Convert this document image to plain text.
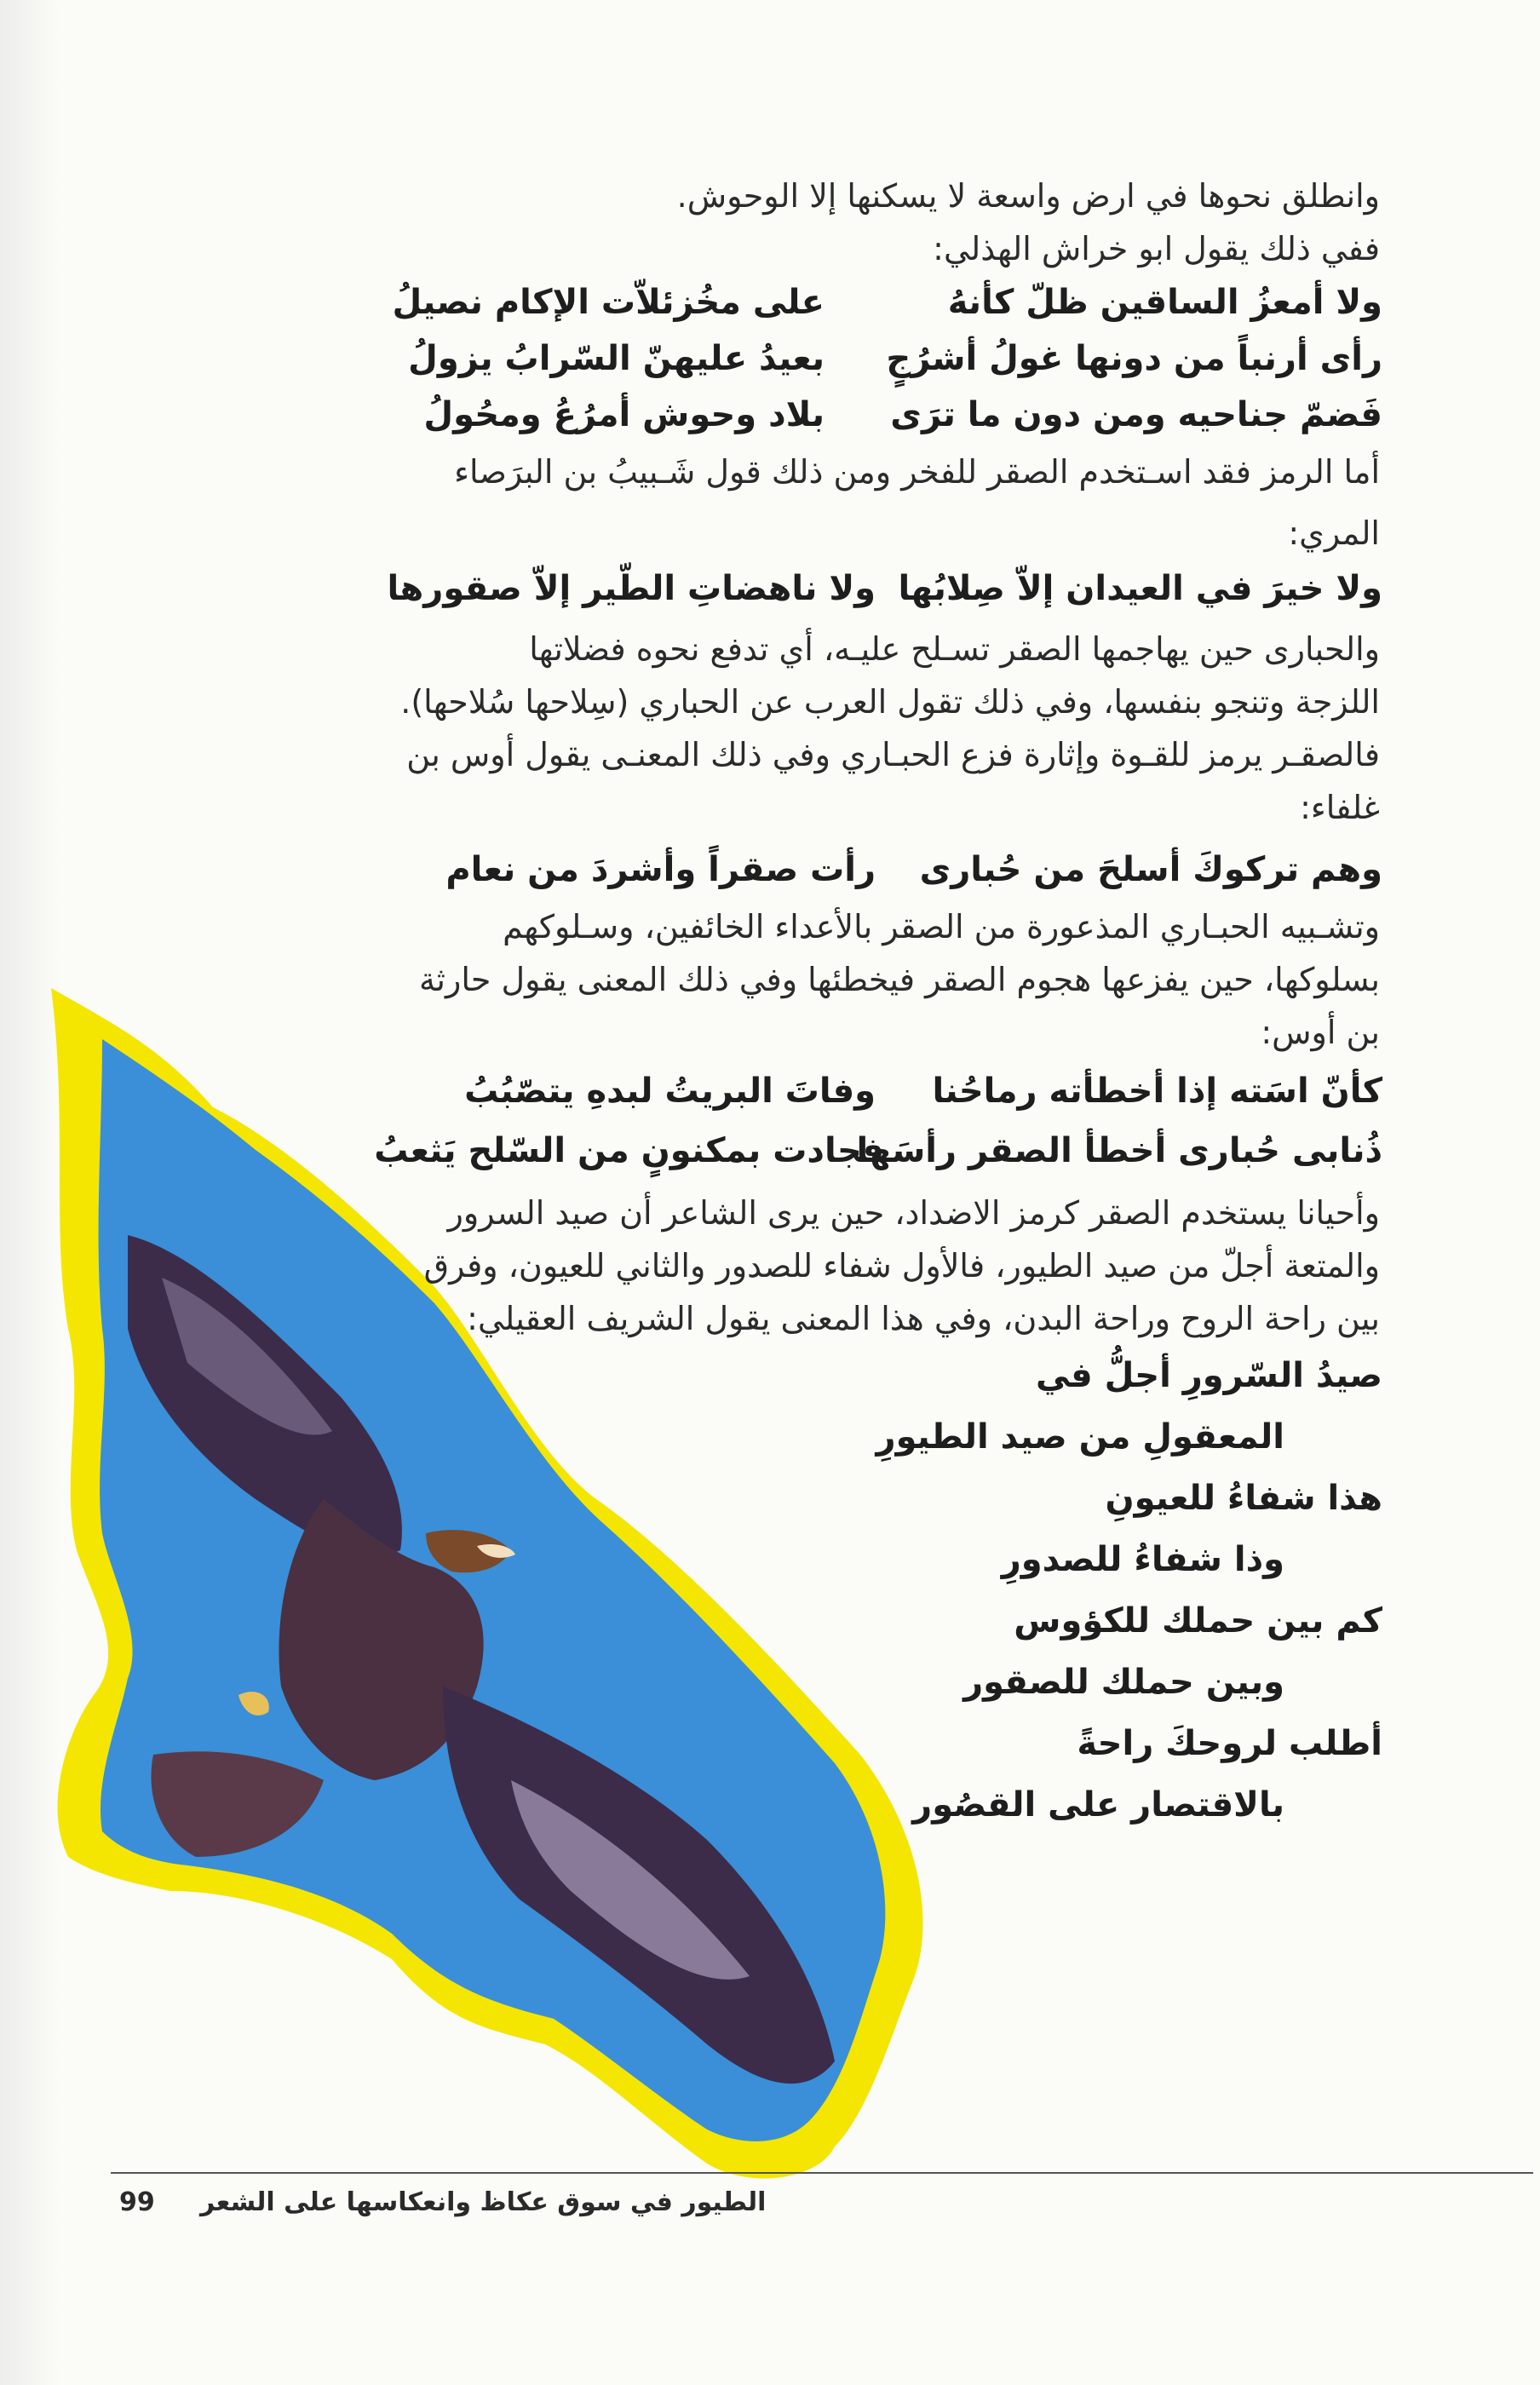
وانطلق نحوها في ارض واسعة لا يسكنها إلا الوحوش.
ففي ذلك يقول ابو خراش الهذلي:
أما الرمز فقد اسـتخدم الصقر للفخر ومن ذلك قول شَـبيبُ بن البرَصاء
المري:
والحبارى حين يهاجمها الصقر تسـلح عليـه، أي تدفع نحوه فضلاتها
اللزجة وتنجو بنفسها، وفي ذلك تقول العرب عن الحباري (سِلاحها سُلاحها).
فالصقـر يرمز للقـوة وإثارة فزع الحبـاري وفي ذلك المعنـى يقول أوس بن
غلفاء:
وتشـبيه الحبـاري المذعورة من الصقر بالأعداء الخائفين، وسـلوكهم
بسلوكها، حين يفزعها هجوم الصقر فيخطئها وفي ذلك المعنى يقول حارثة
بن أوس:
وأحيانا يستخدم الصقر كرمز الاضداد، حين يرى الشاعر أن صيد السرور
والمتعة أجلّ من صيد الطيور، فالأول شفاء للصدور والثاني للعيون، وفرق
بين راحة الروح وراحة البدن، وفي هذا المعنى يقول الشريف العقيلي:
ولا أمعزُ الساقين ظلّ كأنهُ
على مخُزئلاّت الإكام نصيلُ
رأى أرنباً من دونها غولُ أشرُجٍ
بعيدُ عليهنّ السّرابُ يزولُ
فَضمّ جناحيه ومن دون ما ترَى
بلاد وحوش أمرُعُ ومحُولُ
ولا خيرَ في العيدان إلاّ صِلابُها
ولا ناهضاتِ الطّير إلاّ صقورها
وهم تركوكَ أسلحَ من حُبارى
رأت صقراً وأشردَ من نعام
كأنّ اسَته إذا أخطأته رماحُنا
وفاتَ البريتُ لبدهِ يتصّبُبُ
ذُنابى حُبارى أخطأ الصقر رأسَها
فجادت بمكنونٍ من السّلح يَثعبُ
صيدُ السّرورِ أجلُّ في
المعقولِ من صيد الطيورِ
هذا شفاءُ للعيونِ
وذا شفاءُ للصدورِ
كم بين حملك للكؤوس
وبين حملك للصقور
أطلب لروحكَ راحةً
بالاقتصار على القصُور
99 الطيور في سوق عكاظ وانعكاسها على الشعر
